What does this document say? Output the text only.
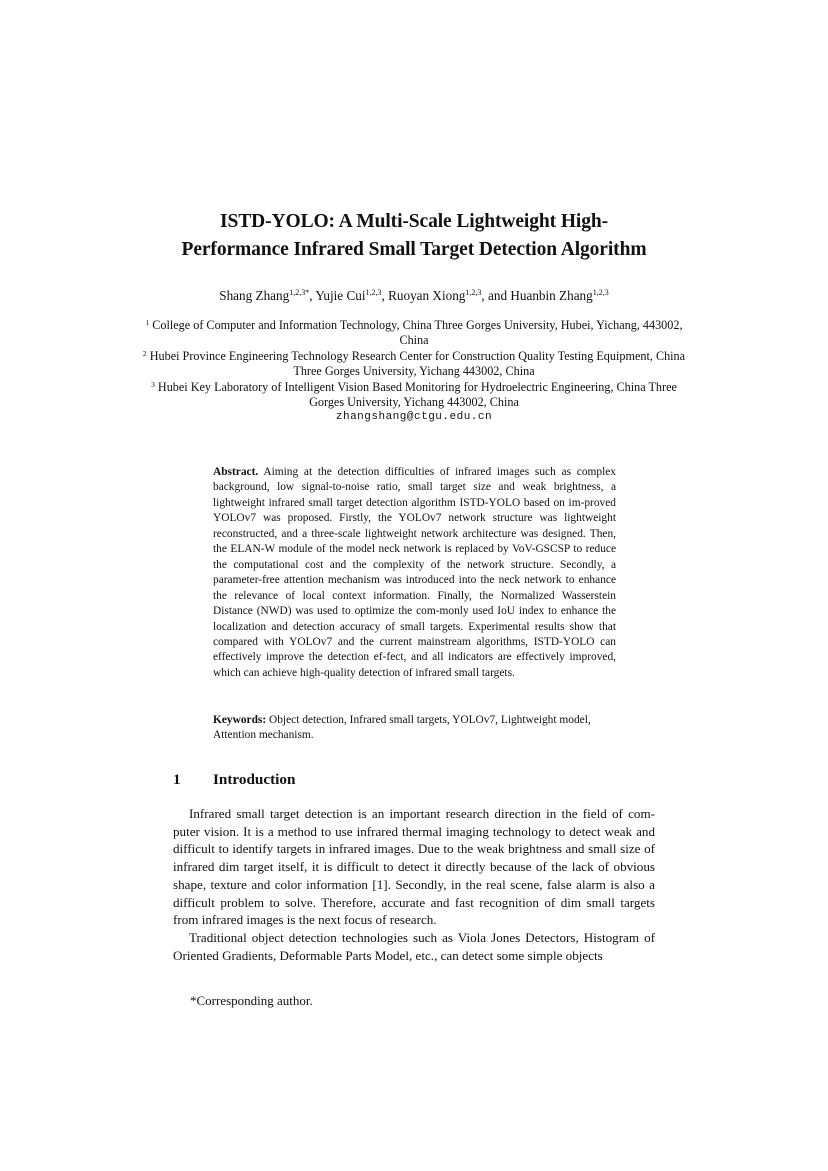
ISTD-YOLO: A Multi-Scale Lightweight High-
Performance Infrared Small Target Detection Algorithm
Shang Zhang$^{1,2,3*}$, Yujie Cui$^{1,2,3}$, Ruoyan Xiong$^{1,2,3}$, and Huanbin Zhang$^{1,2,3}$
$^1$ College of Computer and Information Technology, China Three Gorges University, Hubei, Yichang, 443002, China
$^2$ Hubei Province Engineering Technology Research Center for Construction Quality Testing Equipment, China Three Gorges University, Yichang 443002, China
$^3$ Hubei Key Laboratory of Intelligent Vision Based Monitoring for Hydroelectric Engineering, China Three Gorges University, Yichang 443002, China
zhangshang@ctgu.edu.cn
Abstract. Aiming at the detection difficulties of infrared images such as complex background, low signal-to-noise ratio, small target size and weak brightness, a lightweight infrared small target detection algorithm ISTD-YOLO based on im-proved YOLOv7 was proposed. Firstly, the YOLOv7 network structure was lightweight reconstructed, and a three-scale lightweight network architecture was designed. Then, the ELAN-W module of the model neck network is replaced by VoV-GSCSP to reduce the computational cost and the complexity of the network structure. Secondly, a parameter-free attention mechanism was introduced into the neck network to enhance the relevance of local context information. Finally, the Normalized Wasserstein Distance (NWD) was used to optimize the com-monly used IoU index to enhance the localization and detection accuracy of small targets. Experimental results show that compared with YOLOv7 and the current mainstream algorithms, ISTD-YOLO can effectively improve the detection ef-fect, and all indicators are effectively improved, which can achieve high-quality detection of infrared small targets.
Keywords: Object detection, Infrared small targets, YOLOv7, Lightweight model, Attention mechanism.
1 Introduction

Infrared small target detection is an important research direction in the field of com-puter vision. It is a method to use infrared thermal imaging technology to detect weak and difficult to identify targets in infrared images. Due to the weak brightness and small size of infrared dim target itself, it is difficult to detect it directly because of the lack of obvious shape, texture and color information [1]. Secondly, in the real scene, false alarm is also a difficult problem to solve. Therefore, accurate and fast recognition of dim small targets from infrared images is the next focus of research.

Traditional object detection technologies such as Viola Jones Detectors, Histogram of Oriented Gradients, Deformable Parts Model, etc., can detect some simple objects

*Corresponding author.
